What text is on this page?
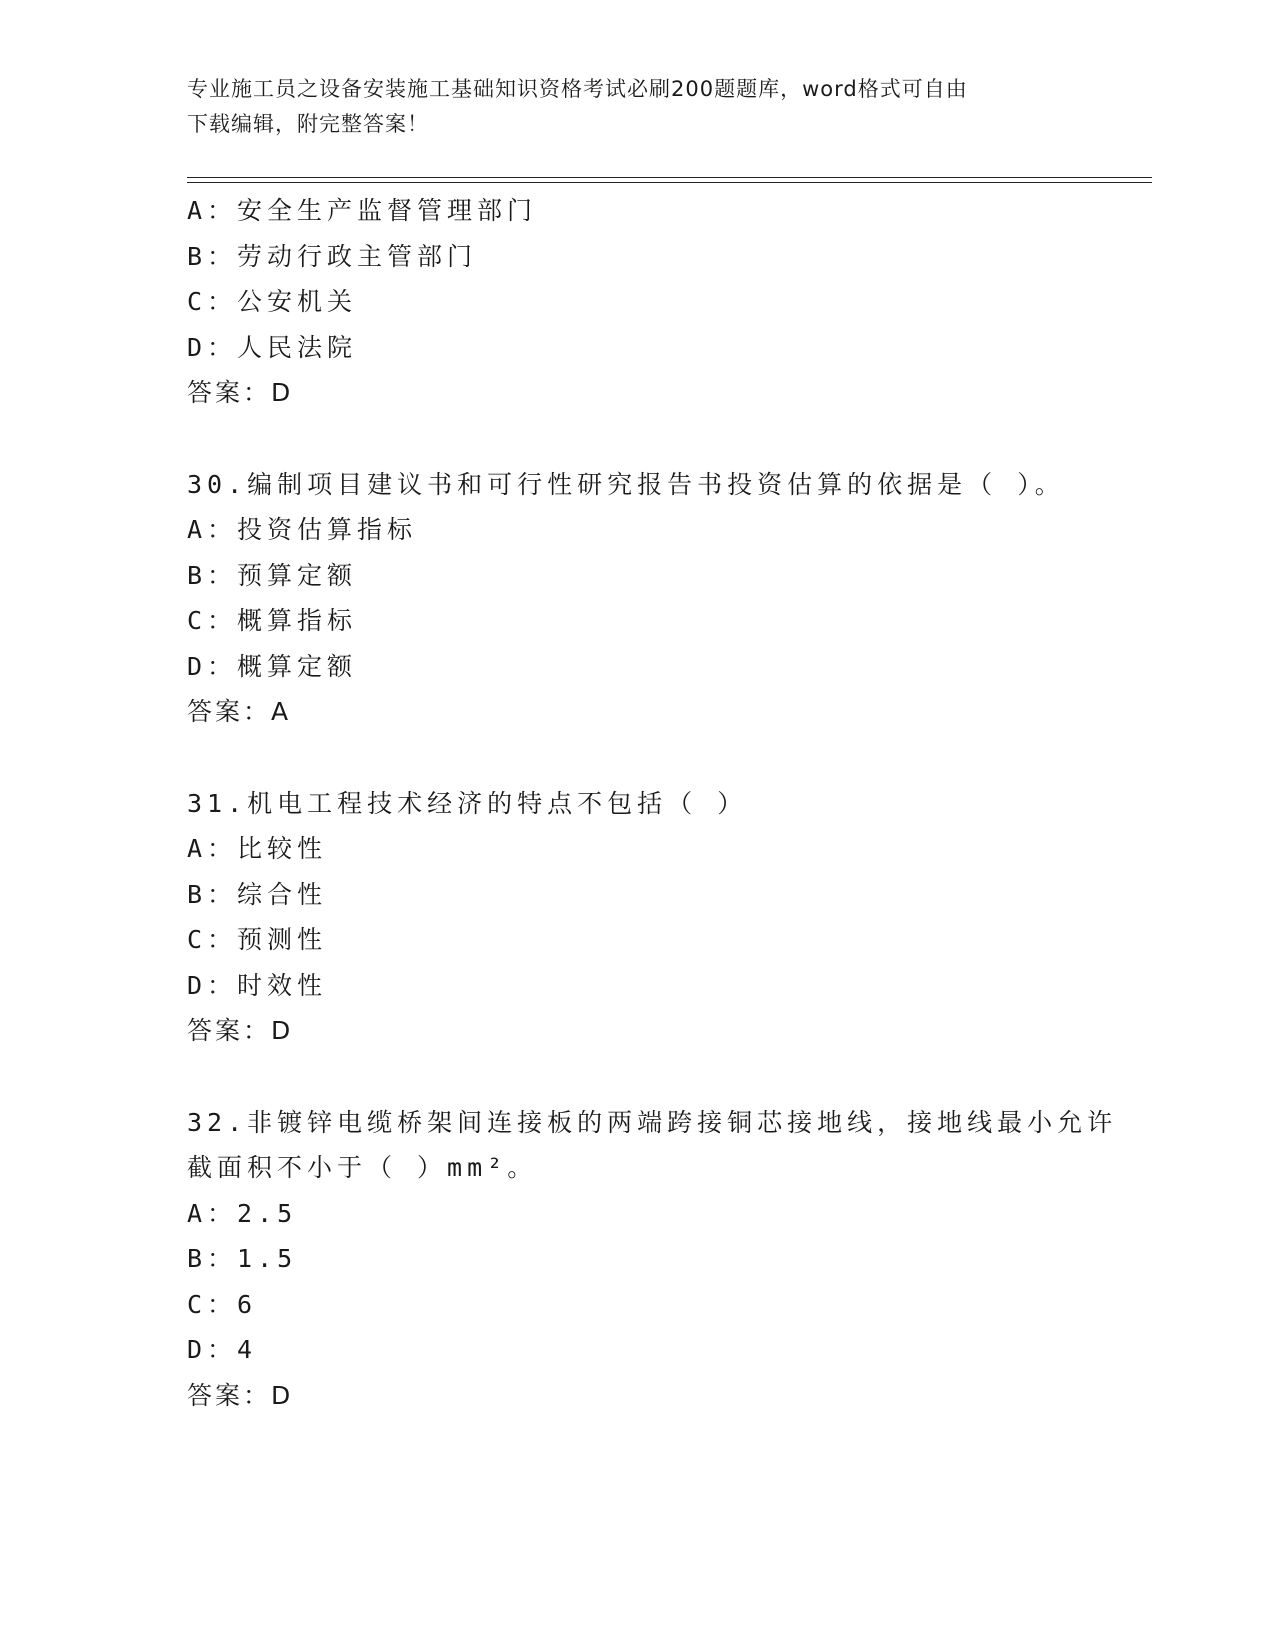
专业施工员之设备安装施工基础知识资格考试必刷200题题库，word格式可自由
下载编辑，附完整答案！
A：安全生产监督管理部门
B：劳动行政主管部门
C：公安机关
D：人民法院
答案：D
30.编制项目建议书和可行性研究报告书投资估算的依据是（ ）。
A：投资估算指标
B：预算定额
C：概算指标
D：概算定额
答案：A
31.机电工程技术经济的特点不包括（ ）
A：比较性
B：综合性
C：预测性
D：时效性
答案：D
32.非镀锌电缆桥架间连接板的两端跨接铜芯接地线，接地线最小允许
截面积不小于（ ）mm²。
A：2.5
B：1.5
C：6
D：4
答案：D
